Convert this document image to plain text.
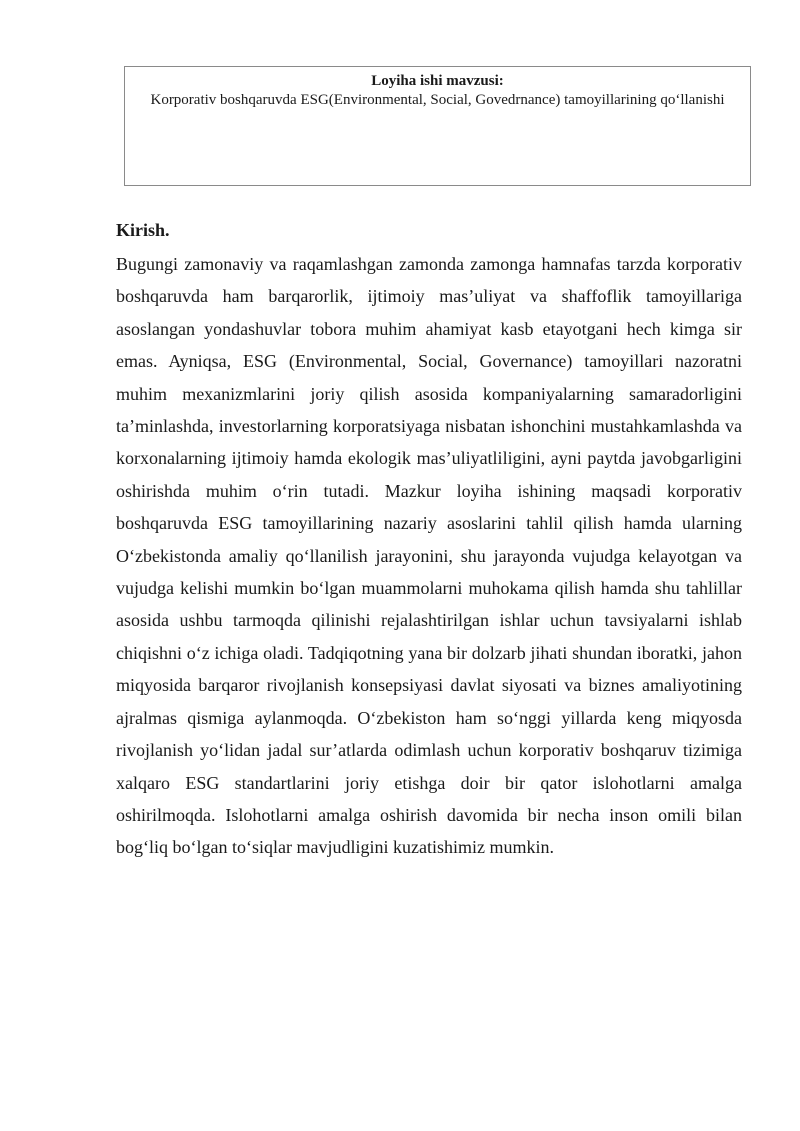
Loyiha ishi mavzusi:
Korporativ boshqaruvda ESG(Environmental, Social, Govedrnance) tamoyillarining qo‘llanishi
Kirish.
Bugungi zamonaviy va raqamlashgan zamonda zamonga hamnafas tarzda korporativ boshqaruvda ham barqarorlik, ijtimoiy mas’uliyat va shaffoflik tamoyillariga asoslangan yondashuvlar tobora muhim ahamiyat kasb etayotgani hech kimga sir emas. Ayniqsa, ESG (Environmental, Social, Governance) tamoyillari nazoratni muhim mexanizmlarini joriy qilish asosida kompaniyalarning samaradorligini ta’minlashda, investorlarning korporatsiyaga nisbatan ishonchini mustahkamlashda va korxonalarning ijtimoiy hamda ekologik mas’uliyatliligini, ayni paytda javobgarligini oshirishda muhim o‘rin tutadi. Mazkur loyiha ishining maqsadi korporativ boshqaruvda ESG tamoyillarining nazariy asoslarini tahlil qilish hamda ularning O‘zbekistonda amaliy qo‘llanilish jarayonini, shu jarayonda vujudga kelayotgan va vujudga kelishi mumkin bo‘lgan muammolarni muhokama qilish hamda shu tahlillar asosida ushbu tarmoqda qilinishi rejalashtirilgan ishlar uchun tavsiyalarni ishlab chiqishni o‘z ichiga oladi. Tadqiqotning yana bir dolzarb jihati shundan iboratki, jahon miqyosida barqaror rivojlanish konsepsiyasi davlat siyosati va biznes amaliyotining ajralmas qismiga aylanmoqda. O‘zbekiston ham so‘nggi yillarda keng miqyosda rivojlanish yo‘lidan jadal sur’atlarda odimlash uchun korporativ boshqaruv tizimiga xalqaro ESG standartlarini joriy etishga doir bir qator islohotlarni amalga oshirilmoqda. Islohotlarni amalga oshirish davomida bir necha inson omili bilan bog‘liq bo‘lgan to‘siqlar mavjudligini kuzatishimiz mumkin.
